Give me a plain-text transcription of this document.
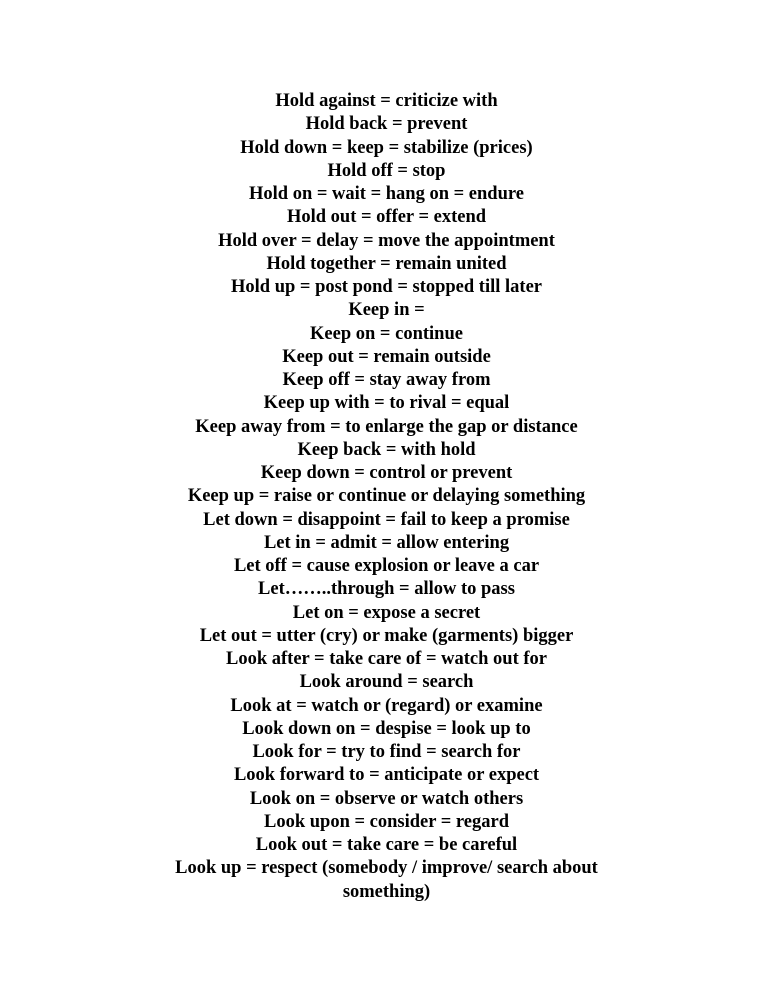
Hold against = criticize with
Hold back = prevent
Hold down = keep = stabilize (prices)
Hold off = stop
Hold on = wait = hang on = endure
Hold out = offer = extend
Hold over = delay = move the appointment
Hold together = remain united
Hold up = post pond = stopped till later
Keep in =
Keep on = continue
Keep out = remain outside
Keep off = stay away from
Keep up with = to rival = equal
Keep away from = to enlarge the gap or distance
Keep back = with hold
Keep down = control or prevent
Keep up = raise or continue or delaying something
Let down = disappoint = fail to keep a promise
Let in = admit = allow entering
Let off = cause explosion or leave a car
Let……..through = allow to pass
Let on = expose a secret
Let out = utter (cry) or make (garments) bigger
Look after = take care of = watch out for
Look around = search
Look at = watch or (regard) or examine
Look down on = despise = look up to
Look for = try to find = search for
Look forward to = anticipate or expect
Look on = observe or watch others
Look upon = consider = regard
Look out = take care = be careful
Look up = respect (somebody / improve/ search about something)
